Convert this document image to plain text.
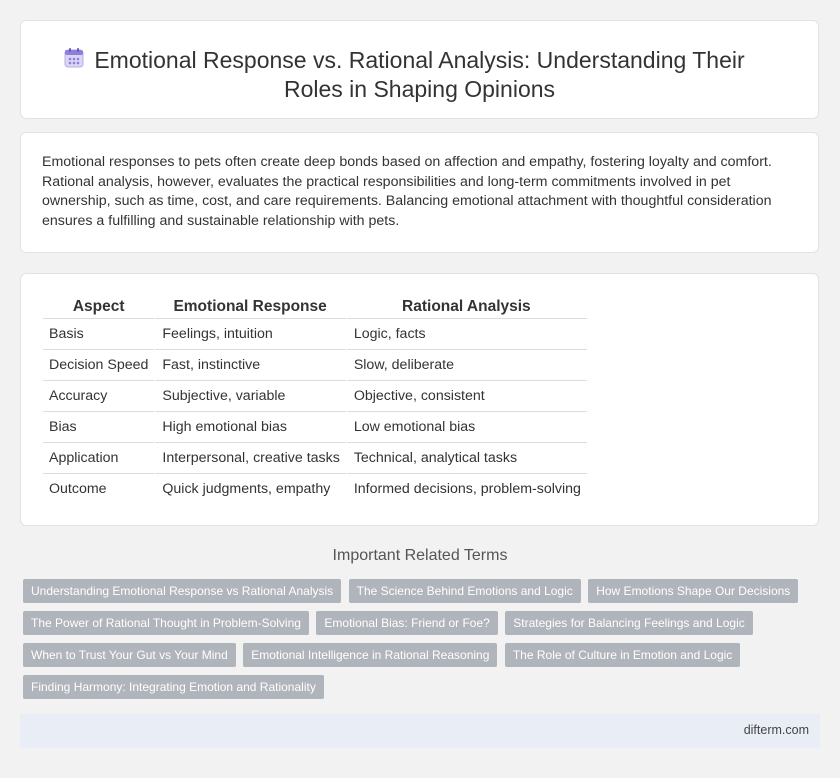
Emotional Response vs. Rational Analysis: Understanding Their
Roles in Shaping Opinions
Emotional responses to pets often create deep bonds based on affection and empathy, fostering loyalty and comfort. Rational analysis, however, evaluates the practical responsibilities and long-term commitments involved in pet ownership, such as time, cost, and care requirements. Balancing emotional attachment with thoughtful consideration ensures a fulfilling and sustainable relationship with pets.
Aspect	Emotional Response	Rational Analysis
Basis	Feelings, intuition	Logic, facts
Decision Speed	Fast, instinctive	Slow, deliberate
Accuracy	Subjective, variable	Objective, consistent
Bias	High emotional bias	Low emotional bias
Application	Interpersonal, creative tasks	Technical, analytical tasks
Outcome	Quick judgments, empathy	Informed decisions, problem-solving
Important Related Terms
Understanding Emotional Response vs Rational Analysis The Science Behind Emotions and Logic How Emotions Shape Our Decisions The Power of Rational Thought in Problem-Solving Emotional Bias: Friend or Foe? Strategies for Balancing Feelings and Logic When to Trust Your Gut vs Your Mind Emotional Intelligence in Rational Reasoning The Role of Culture in Emotion and Logic Finding Harmony: Integrating Emotion and Rationality
difterm.com
